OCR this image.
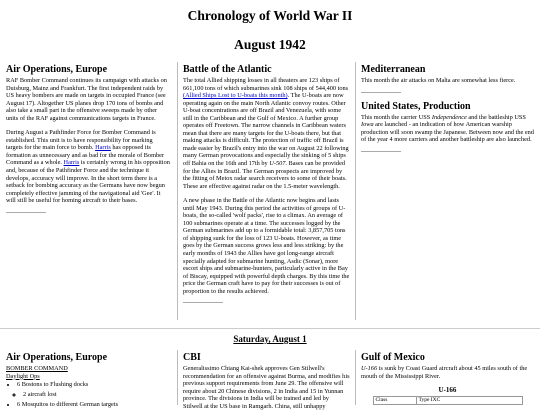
Chronology of World War II
August 1942
Air Operations, Europe

RAF Bomber Command continues its campaign with attacks on Duisburg, Mainz and Frankfurt. The first independent raids by US heavy bombers are made on targets in occupied France (see August 17). Altogether US planes drop 170 tons of bombs and also take a small part in the offensive sweeps made by other units of the RAF against communications targets in France.

During August a Pathfinder Force for Bomber Command is established. This unit is to have responsibility for marking targets for the main force to bomb. Harris has opposed its formation as unnecessary and as bad for the morale of Bomber Command as a whole. Harris is certainly wrong in his opposition and, because of the Pathfinder Force and the technique it develops, accuracy will improve. In the short term there is a setback for bombing accuracy as the Germans have now begun completely effective jamming of the navigational aid 'Gee'. It will still be useful for homing aircraft to their bases.

Battle of the Atlantic

The total Allied shipping losses in all theaters are 123 ships of 661,100 tons of which submarines sink 108 ships of 544,400 tons (Allied Ships Lost to U-boats this month). The U-boats are now operating again on the main North Atlantic convoy routes. Other U-boat concentrations are off Brazil and Venezuela, with some still in the Caribbean and the Gulf of Mexico. A further group operates off Freetown. The narrow channels in Caribbean waters mean that there are many targets for the U-boats there, but that making attacks is difficult. The protection of traffic off Brazil is made easier by Brazil's entry into the war on August 22 following many German provocations and especially the sinking of 5 ships off Bahia on the 16th and 17th by U-507. Bases can be provided for the Allies in Brazil. The German prospects are improved by the fitting of Metox radar search receivers to some of their boats. These are effective against radar on the 1.5-meter wavelength.

A new phase in the Battle of the Atlantic now begins and lasts until May 1943. During this period the activities of groups of U-boats, the so-called 'wolf packs', rise to a climax. An average of 100 submarines operate at a time. The successes logged by the German submarines add up to a formidable total: 3,857,705 tons of shipping sunk for the loss of 123 U-boats. However, as time goes by the German success grows less and less striking: by the early months of 1943 the Allies have got long-range aircraft specially adapted for submarine hunting, Asdic (Sonar), more escort ships and submarine-hunters, particularly active in the Bay of Biscay, equipped with powerful depth charges. By this time the price the German craft have to pay for their successes is out of proportion to the results achieved.

Mediterranean

This month the air attacks on Malta are somewhat less fierce.

United States, Production

This month the carrier USS Independence and the battleship USS Iowa are launched - an indication of how American warship production will soon swamp the Japanese. Between now and the end of the year 4 more carriers and another battleship are also launched.

Saturday, August 1
Air Operations, Europe
BOMBER COMMAND
Daylight Ops
• 6 Bostons to Flushing docks
◦ 2 aircraft lost
• 6 Mosquitos to different German targets
CBI

Generalissimo Chiang Kai-shek approves Gen Stilwell's recommendation for an offensive against Burma, and modifies his previous support requirements from June 29. The offensive will require about 20 Chinese divisions, 2 in India and 15 in Yunnan province. The divisions in India will be trained and led by Stilwell at the US base in Ramgarh. China, still unhappy

Gulf of Mexico

U-166 is sunk by Coast Guard aircraft about 45 miles south of the mouth of the Mississippi River.

U-166
Class	Type IXC
